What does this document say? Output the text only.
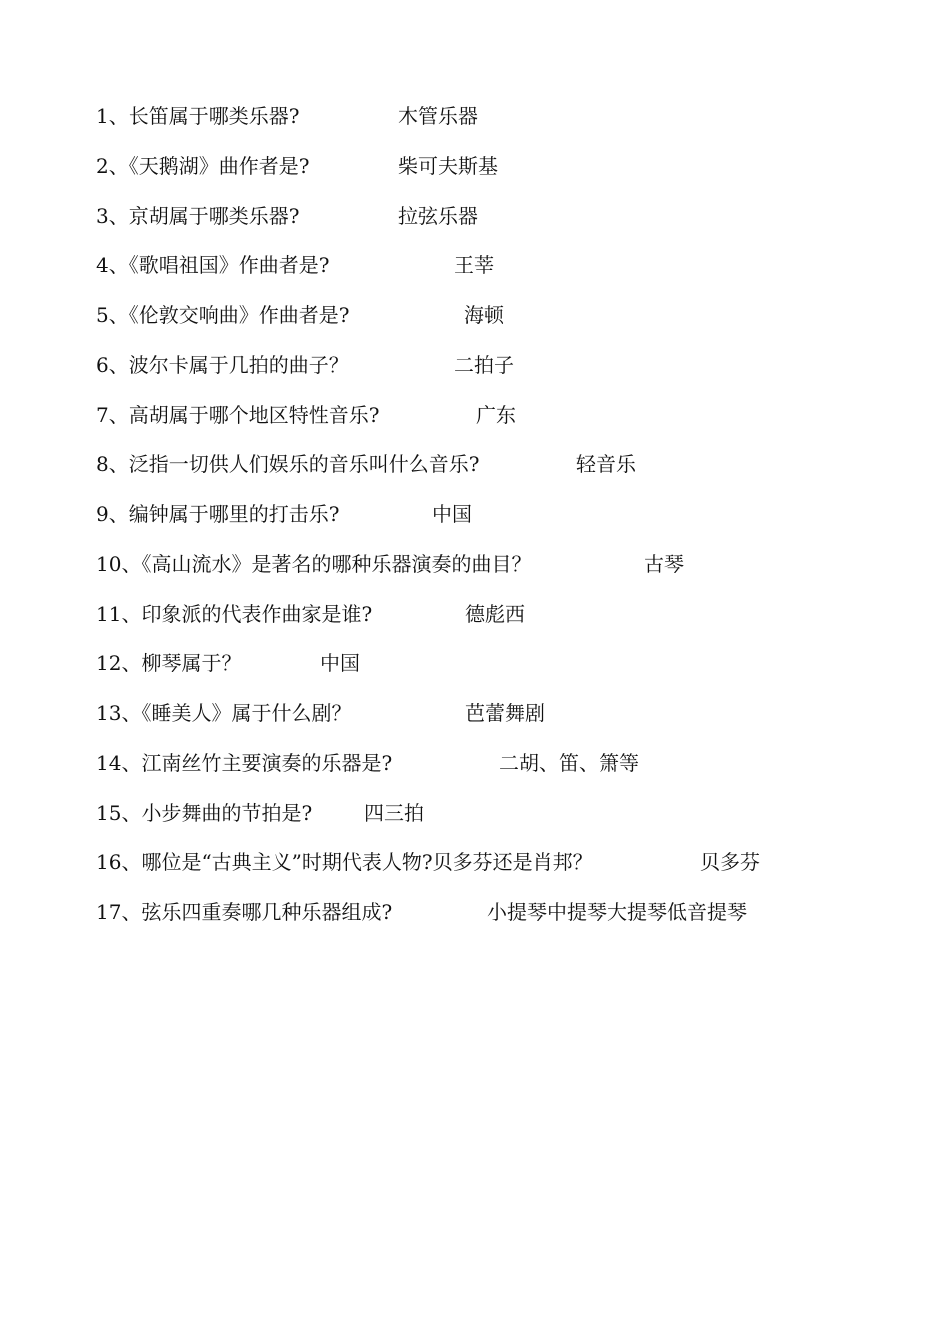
1、长笛属于哪类乐器?	木管乐器
2、《天鹅湖》曲作者是?	柴可夫斯基
3、京胡属于哪类乐器?	拉弦乐器
4、《歌唱祖国》作曲者是?	王莘
5、《伦敦交响曲》作曲者是?	海顿
6、波尔卡属于几拍的曲子？	二拍子
7、高胡属于哪个地区特性音乐?	广东
8、泛指一切供人们娱乐的音乐叫什么音乐?	轻音乐
9、编钟属于哪里的打击乐?	中国
10、《高山流水》是著名的哪种乐器演奏的曲目？	古琴
11、印象派的代表作曲家是谁?	德彪西
12、柳琴属于？	中国
13、《睡美人》属于什么剧？	芭蕾舞剧
14、江南丝竹主要演奏的乐器是?	二胡、笛、箫等
15、小步舞曲的节拍是?	四三拍
16、哪位是“古典主义”时期代表人物?贝多芬还是肖邦？	贝多芬
17、弦乐四重奏哪几种乐器组成?	小提琴中提琴大提琴低音提琴
